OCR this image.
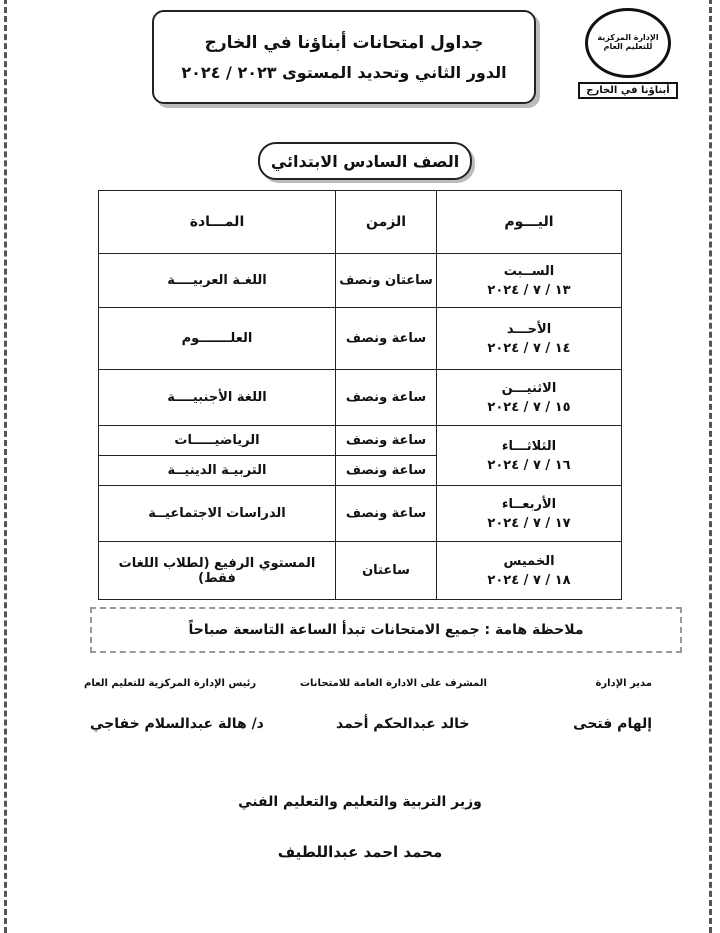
الإدارة المركزية للتعليم العام
أبناؤنا في الخارج
جداول امتحانات أبناؤنا في الخارج
الدور الثاني وتحديد المستوى ٢٠٢٣ / ٢٠٢٤
الصف السادس الابتدائي
اليـــوم	الزمن	المـــادة

الســبت
١٣ / ٧ / ٢٠٢٤	ساعتان ونصف	اللغـة العربيــــة

الأحـــد
١٤ / ٧ / ٢٠٢٤	ساعة ونصف	العلـــــــوم

الاثنيـــن
١٥ / ٧ / ٢٠٢٤	ساعة ونصف	اللغة الأجنبيــــة

الثلاثـــاء
١٦ / ٧ / ٢٠٢٤	ساعة ونصف	الرياضيـــــات
	ساعة ونصف	التربيـة الدينيــة

الأربعــاء
١٧ / ٧ / ٢٠٢٤	ساعة ونصف	الدراسات الاجتماعيــة

الخميس
١٨ / ٧ / ٢٠٢٤	ساعتان	المستوي الرفيع (لطلاب اللغات فقط)
ملاحظة هامة : جميع الامتحانات تبدأ الساعة التاسعة صباحاً
مدير الإدارة
إلهام فتحى
المشرف على الادارة العامة للامتحانات
خالد عبدالحكم أحمد
رئيس الإدارة المركزية للتعليم العام
د/ هالة عبدالسلام خفاجي
وزير التربية والتعليم والتعليم الفني
محمد احمد عبداللطيف
